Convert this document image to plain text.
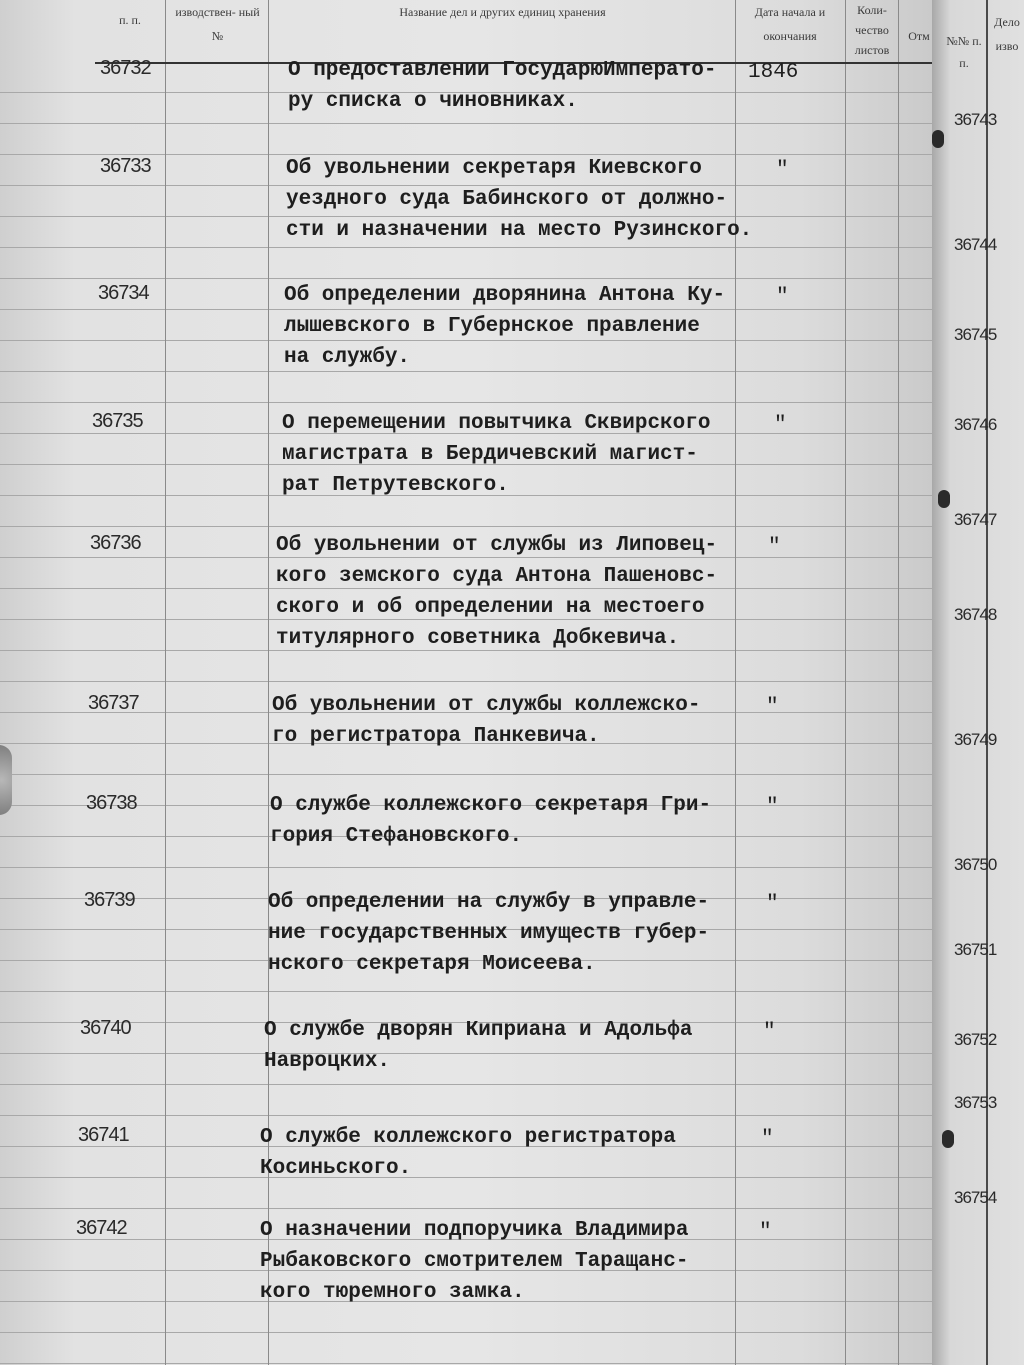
п. п.
изводствен- ный №
Название дел и других единиц хранения	Дата начала и окончания
Коли- чество листов
Отм
36732	О предоставлении ГосударюИмперато-
ру списка о чиновниках.
1846
36733	Об увольнении секретаря Киевского
уездного суда Бабинского от должно-
сти и назначении на место Рузинского.
"
36734	Об определении дворянина Антона Ку-
лышевского в Губернское правление
на службу.
"
36735	О перемещении повытчика Сквирского
магистрата в Бердичевский магист-
рат Петрутевского.
"
36736	Об увольнении от службы из Липовец-
кого земского суда Антона Пашеновс-
ского и об определении на местоего
титулярного советника Добкевича.
"
36737	Об увольнении от службы коллежско-
го регистратора Панкевича.
"
36738	О службе коллежского секретаря Гри-
гория Стефановского.
"
36739	Об определении на службу в управле-
ние государственных имуществ губер-
нского секретаря Моисеева.
"
36740	О службе дворян Киприана и Адольфа
Навроцких.
"
36741	О службе коллежского регистратора
Косиньского.
"
36742	О назначении подпоручика Владимира
Рыбаковского смотрителем Таращанс-
кого тюремного замка.
"
№№ п. п.
Дело изво
36743
36744
36745
36746
36747
36748
36749
36750
36751
36752
36753
36754
